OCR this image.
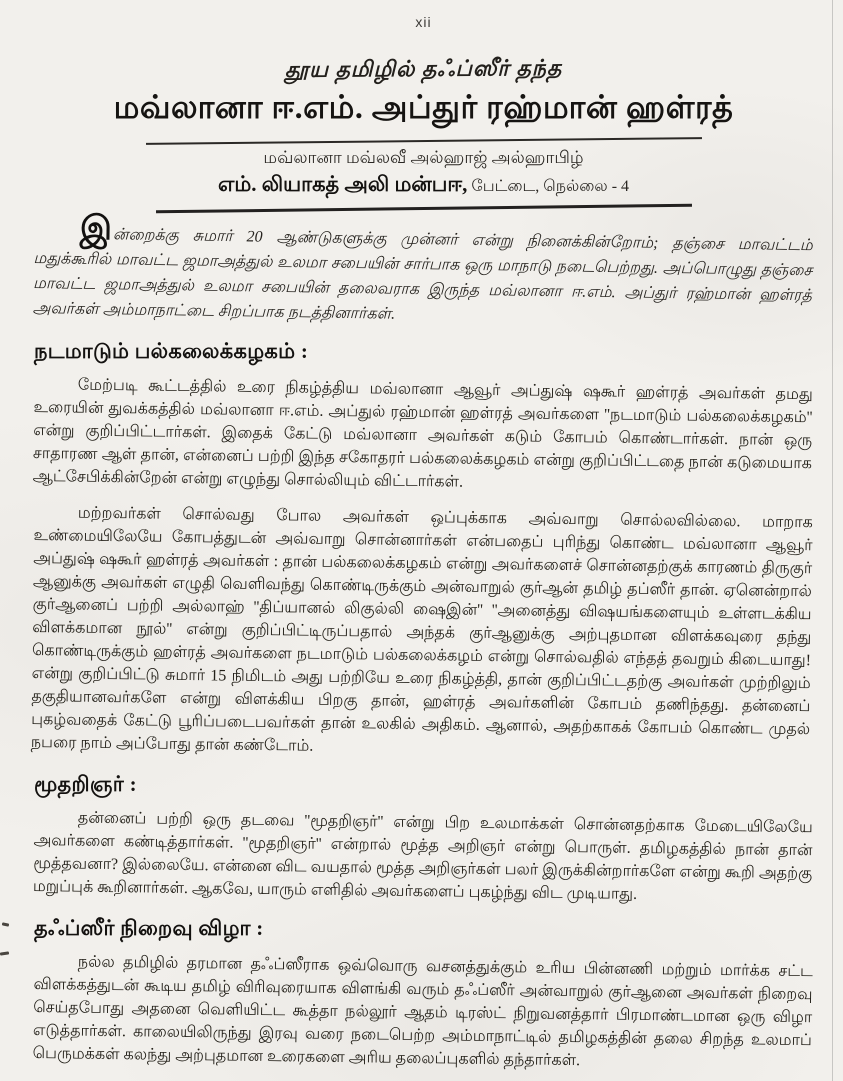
xii
தூய தமிழில் தஃப்ஸீர் தந்த
மவ்லானா ஈ.எம். அப்துர் ரஹ்மான் ஹள்ரத்
மவ்லானா மவ்லவீ அல்ஹாஜ் அல்ஹாபிழ்
எம். லியாகத் அலி மன்பஈ, பேட்டை, நெல்லை - 4

இன்றைக்கு சுமார் 20 ஆண்டுகளுக்கு முன்னர் என்று நினைக்கின்றோம்; தஞ்சை மாவட்டம் மதுக்கூரில் மாவட்ட ஜமாஅத்துல் உலமா சபையின் சார்பாக ஒரு மாநாடு நடைபெற்றது. அப்பொழுது தஞ்சை மாவட்ட ஜமாஅத்துல் உலமா சபையின் தலைவராக இருந்த மவ்லானா ஈ.எம். அப்துர் ரஹ்மான் ஹள்ரத் அவர்கள் அம்மாநாட்டை சிறப்பாக நடத்தினார்கள்.

நடமாடும் பல்கலைக்கழகம் :

மேற்படி கூட்டத்தில் உரை நிகழ்த்திய மவ்லானா ஆவூர் அப்துஷ் ஷகூர் ஹள்ரத் அவர்கள் தமது உரையின் துவக்கத்தில் மவ்லானா ஈ.எம். அப்துல் ரஹ்மான் ஹள்ரத் அவர்களை ''நடமாடும் பல்கலைக்கழகம்'' என்று குறிப்பிட்டார்கள். இதைக் கேட்டு மவ்லானா அவர்கள் கடும் கோபம் கொண்டார்கள். நான் ஒரு சாதாரண ஆள் தான், என்னைப் பற்றி இந்த சகோதரர் பல்கலைக்கழகம் என்று குறிப்பிட்டதை நான் கடுமையாக ஆட்சேபிக்கின்றேன் என்று எழுந்து சொல்லியும் விட்டார்கள்.

மற்றவர்கள் சொல்வது போல அவர்கள் ஒப்புக்காக அவ்வாறு சொல்லவில்லை. மாறாக உண்மையிலேயே கோபத்துடன் அவ்வாறு சொன்னார்கள் என்பதைப் புரிந்து கொண்ட மவ்லானா ஆவூர் அப்துஷ் ஷகூர் ஹள்ரத் அவர்கள் : தான் பல்கலைக்கழகம் என்று அவர்களைச் சொன்னதற்குக் காரணம் திருகுர் ஆனுக்கு அவர்கள் எழுதி வெளிவந்து கொண்டிருக்கும் அன்வாறுல் குர்ஆன் தமிழ் தப்ஸீர் தான். ஏனென்றால் குர்ஆனைப் பற்றி அல்லாஹ் ''திப்யானல் லிகுல்லி ஷைஇன்'' ''அனைத்து விஷயங்களையும் உள்ளடக்கிய விளக்கமான நூல்'' என்று குறிப்பிட்டிருப்பதால் அந்தக் குர்ஆனுக்கு அற்புதமான விளக்கவுரை தந்து கொண்டிருக்கும் ஹள்ரத் அவர்களை நடமாடும் பல்கலைக்கழம் என்று சொல்வதில் எந்தத் தவறும் கிடையாது! என்று குறிப்பிட்டு சுமார் 15 நிமிடம் அது பற்றியே உரை நிகழ்த்தி, தான் குறிப்பிட்டதற்கு அவர்கள் முற்றிலும் தகுதியானவர்களே என்று விளக்கிய பிறகு தான், ஹள்ரத் அவர்களின் கோபம் தணிந்தது. தன்னைப் புகழ்வதைக் கேட்டு பூரிப்படைபவர்கள் தான் உலகில் அதிகம். ஆனால், அதற்காகக் கோபம் கொண்ட முதல் நபரை நாம் அப்போது தான் கண்டோம்.

மூதறிஞர் :

தன்னைப் பற்றி ஒரு தடவை ''மூதறிஞர்'' என்று பிற உலமாக்கள் சொன்னதற்காக மேடையிலேயே அவர்களை கண்டித்தார்கள். ''மூதறிஞர்'' என்றால் மூத்த அறிஞர் என்று பொருள். தமிழகத்தில் நான் தான் மூத்தவனா? இல்லையே. என்னை விட வயதால் மூத்த அறிஞர்கள் பலர் இருக்கின்றார்களே என்று கூறி அதற்கு மறுப்புக் கூறினார்கள். ஆகவே, யாரும் எளிதில் அவர்களைப் புகழ்ந்து விட முடியாது.

தஃப்ஸீர் நிறைவு விழா :

நல்ல தமிழில் தரமான தஃப்ஸீராக ஒவ்வொரு வசனத்துக்கும் உரிய பின்னணி மற்றும் மார்க்க சட்ட விளக்கத்துடன் கூடிய தமிழ் விரிவுரையாக விளங்கி வரும் தஃப்ஸீர் அன்வாறுல் குர்ஆனை அவர்கள் நிறைவு செய்தபோது அதனை வெளியிட்ட கூத்தா நல்லூர் ஆதம் டிரஸ்ட் நிறுவனத்தார் பிரமாண்டமான ஒரு விழா எடுத்தார்கள். காலையிலிருந்து இரவு வரை நடைபெற்ற அம்மாநாட்டில் தமிழகத்தின் தலை சிறந்த உலமாப் பெருமக்கள் கலந்து அற்புதமான உரைகளை அரிய தலைப்புகளில் தந்தார்கள்.
